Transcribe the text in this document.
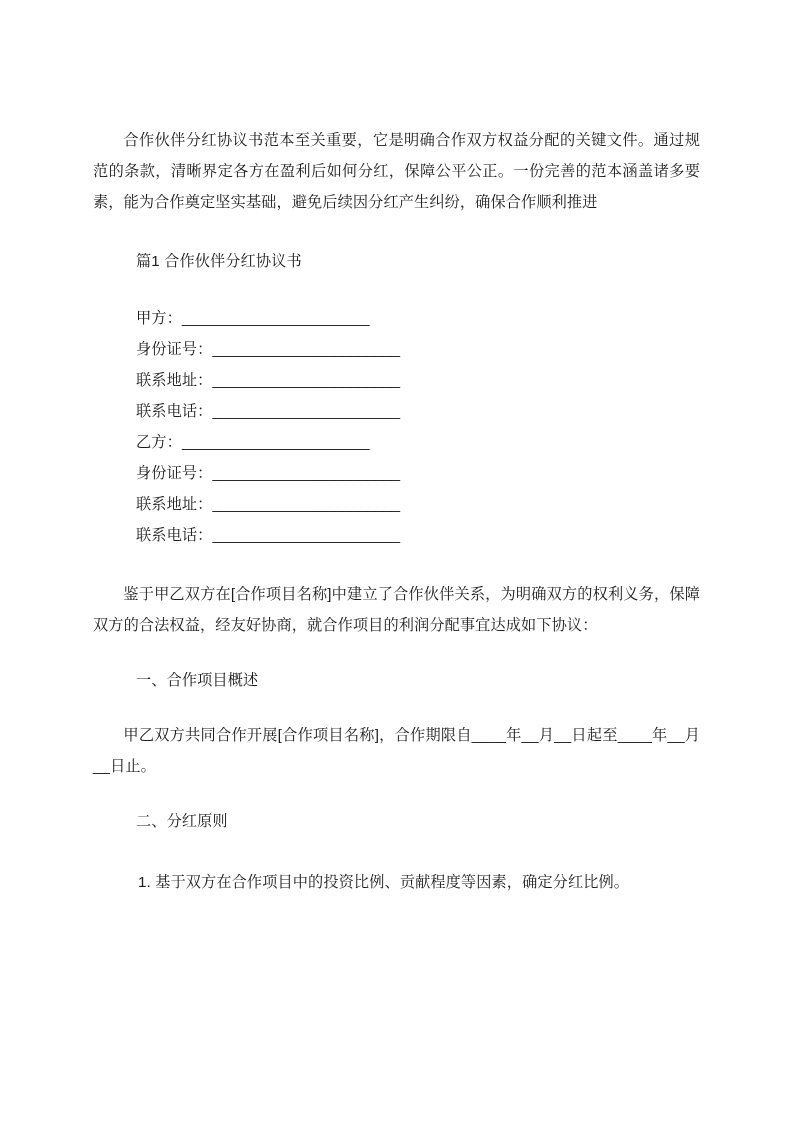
合作伙伴分红协议书范本至关重要，它是明确合作双方权益分配的关键文件。通过规范的条款，清晰界定各方在盈利后如何分红，保障公平公正。一份完善的范本涵盖诸多要素，能为合作奠定坚实基础，避免后续因分红产生纠纷，确保合作顺利推进

篇1 合作伙伴分红协议书

甲方：_______________________
身份证号：_______________________
联系地址：_______________________
联系电话：_______________________
乙方：_______________________
身份证号：_______________________
联系地址：_______________________
联系电话：_______________________

鉴于甲乙双方在[合作项目名称]中建立了合作伙伴关系，为明确双方的权利义务，保障双方的合法权益，经友好协商，就合作项目的利润分配事宜达成如下协议：

一、合作项目概述

甲乙双方共同合作开展[合作项目名称]，合作期限自____年__月__日起至____年__月__日止。

二、分红原则

1. 基于双方在合作项目中的投资比例、贡献程度等因素，确定分红比例。
